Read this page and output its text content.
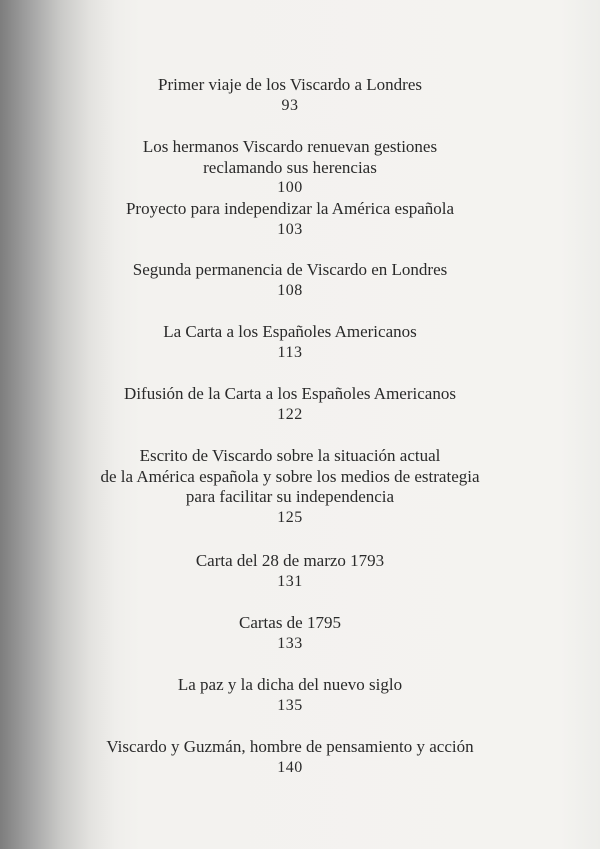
Primer viaje de los Viscardo a Londres
93
Los hermanos Viscardo renuevan gestiones
reclamando sus herencias
100
Proyecto para independizar la América española
103
Segunda permanencia de Viscardo en Londres
108
La Carta a los Españoles Americanos
113
Difusión de la Carta a los Españoles Americanos
122
Escrito de Viscardo sobre la situación actual
de la América española y sobre los medios de estrategia
para facilitar su independencia
125
Carta del 28 de marzo 1793
131
Cartas de 1795
133
La paz y la dicha del nuevo siglo
135
Viscardo y Guzmán, hombre de pensamiento y acción
140
